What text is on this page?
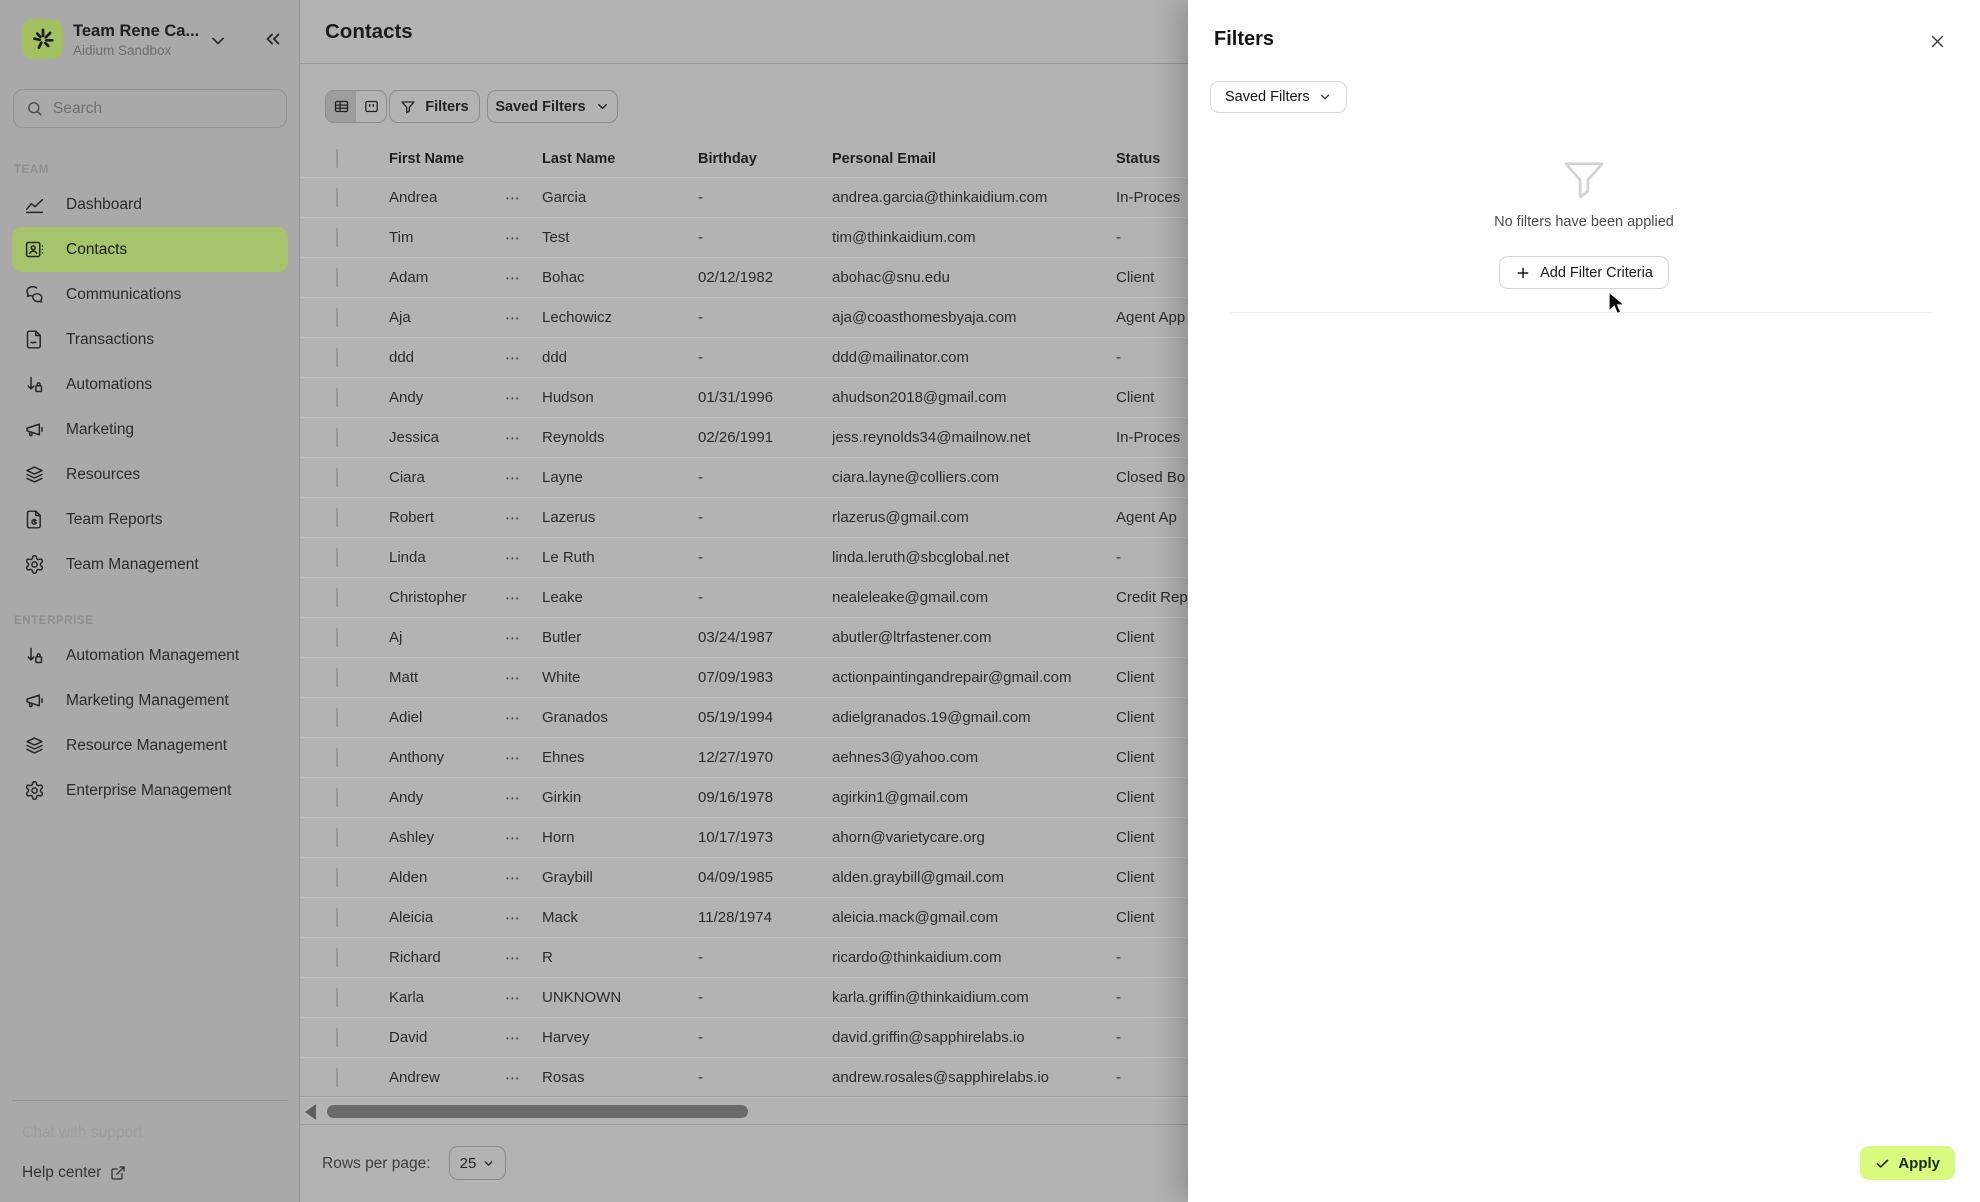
Team Rene Ca...
Aidium Sandbox
Search
TEAM
Dashboard
Contacts
Communications
Transactions
Automations
Marketing
Resources
Team Reports
Team Management
ENTERPRISE
Automation Management
Marketing Management
Resource Management
Enterprise Management
Chat with support
Help center
Contacts
Filters Saved Filters
First Name	Last Name	Birthday	Personal Email	Status
Andrea	⋯	Garcia	-	andrea.garcia@thinkaidium.com	In-Proces
Tim	⋯	Test	-	tim@thinkaidium.com	-
Adam	⋯	Bohac	02/12/1982	abohac@snu.edu	Client
Aja	⋯	Lechowicz	-	aja@coasthomesbyaja.com	Agent App
ddd	⋯	ddd	-	ddd@mailinator.com	-
Andy	⋯	Hudson	01/31/1996	ahudson2018@gmail.com	Client
Jessica	⋯	Reynolds	02/26/1991	jess.reynolds34@mailnow.net	In-Proces
Ciara	⋯	Layne	-	ciara.layne@colliers.com	Closed Bo
Robert	⋯	Lazerus	-	rlazerus@gmail.com	Agent Ap
Linda	⋯	Le Ruth	-	linda.leruth@sbcglobal.net	-
Christopher	⋯	Leake	-	nealeleake@gmail.com	Credit Rep
Aj	⋯	Butler	03/24/1987	abutler@ltrfastener.com	Client
Matt	⋯	White	07/09/1983	actionpaintingandrepair@gmail.com	Client
Adiel	⋯	Granados	05/19/1994	adielgranados.19@gmail.com	Client
Anthony	⋯	Ehnes	12/27/1970	aehnes3@yahoo.com	Client
Andy	⋯	Girkin	09/16/1978	agirkin1@gmail.com	Client
Ashley	⋯	Horn	10/17/1973	ahorn@varietycare.org	Client
Alden	⋯	Graybill	04/09/1985	alden.graybill@gmail.com	Client
Aleicia	⋯	Mack	11/28/1974	aleicia.mack@gmail.com	Client
Richard	⋯	R	-	ricardo@thinkaidium.com	-
Karla	⋯	UNKNOWN	-	karla.griffin@thinkaidium.com	-
David	⋯	Harvey	-	david.griffin@sapphirelabs.io	-
Andrew	⋯	Rosas	-	andrew.rosales@sapphirelabs.io	-
Rows per page: 25
Filters
Saved Filters
No filters have been applied
Add Filter Criteria
Apply
